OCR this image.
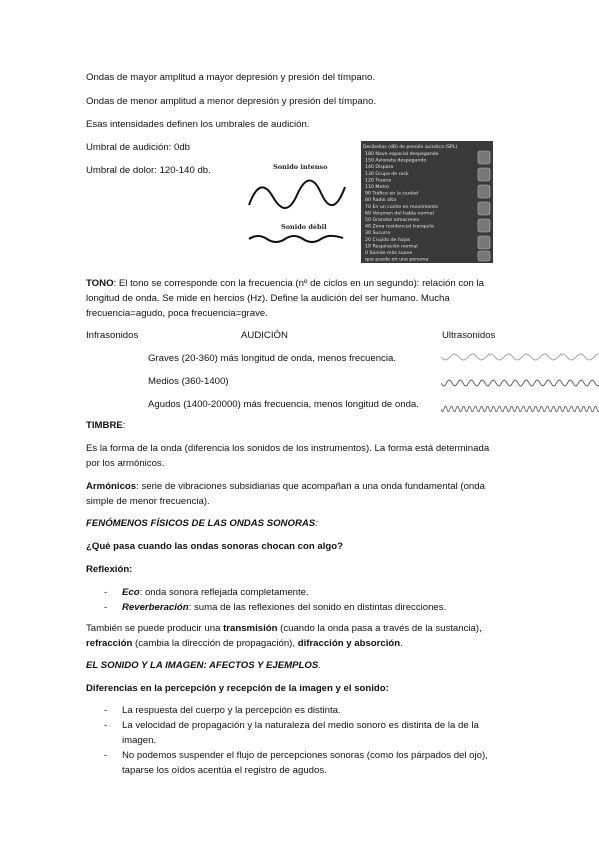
Ondas de mayor amplitud a mayor depresión y presión del tímpano.
Ondas de menor amplitud a menor depresión y presión del tímpano.
Esas intensidades definen los umbrales de audición.
Umbral de audición: 0db
Umbral de dolor: 120-140 db.	Sonido intenso
Sonido débil
Decibelios (dB) de presión acústica (SPL)
180 Nave espacial despegando
150 Avioneta despegando
140 Disparo
130 Grupo de rock
120 Trueno
110 Metro
90 Tráfico en la ciudad
80 Radio alta
70 En un coche en movimiento
60 Volumen del habla normal
50 Grandes almacenes
40 Zona residencial tranquila
30 Susurro
20 Crujido de hojas
10 Respiración normal
0 Sonido más suave
que puede oír una persona
TONO: El tono se corresponde con la frecuencia (nº de ciclos en un segundo): relación con la
longitud de onda. Se mide en hercios (Hz). Define la audición del ser humano. Mucha
frecuencia=agudo, poca frecuencia=grave.
Infrasonidos	AUDICIÓN	Ultrasonidos
Graves (20-360) más longitud de onda, menos frecuencia.
Medios (360-1400)
Agudos (1400-20000) más frecuencia, menos longitud de onda.
TIMBRE:
Es la forma de la onda (diferencia los sonidos de los instrumentos). La forma está determinada
por los armónicos.
Armónicos: serie de vibraciones subsidiarias que acompañan a una onda fundamental (onda
simple de menor frecuencia).
FENÓMENOS FÍSICOS DE LAS ONDAS SONORAS:
¿Qué pasa cuando las ondas sonoras chocan con algo?
Reflexión:
- Eco: onda sonora reflejada completamente.
- Reverberación: suma de las reflexiones del sonido en distintas direcciones.
También se puede producir una transmisión (cuando la onda pasa a través de la sustancia),
refracción (cambia la dirección de propagación), difracción y absorción.
EL SONIDO Y LA IMAGEN: AFECTOS Y EJEMPLOS.
Diferencias en la percepción y recepción de la imagen y el sonido:
- La respuesta del cuerpo y la percepción es distinta.
- La velocidad de propagación y la naturaleza del medio sonoro es distinta de la de la
imagen.
- No podemos suspender el flujo de percepciones sonoras (como los párpados del ojo),
taparse los oídos acentúa el registro de agudos.
